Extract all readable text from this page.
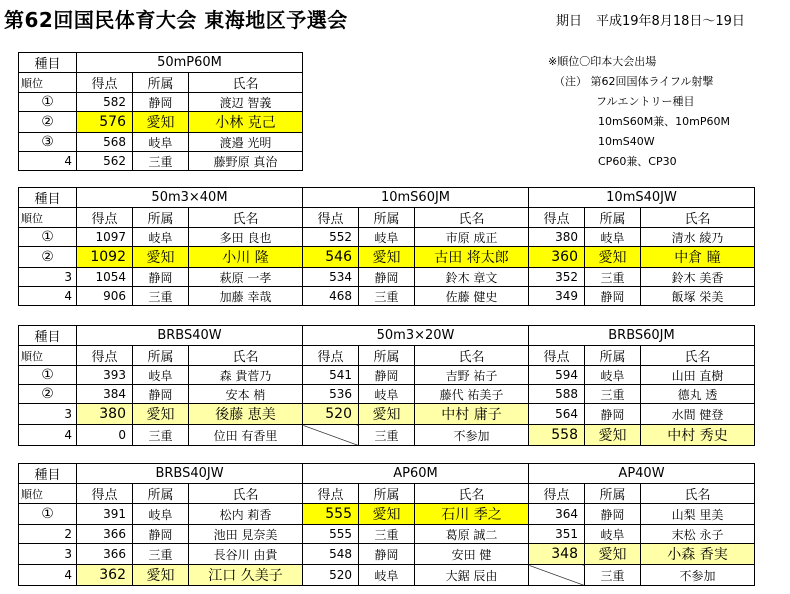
第62回国民体育大会 東海地区予選会	期日 平成19年8月18日～19日
※順位〇印本大会出場
（注） 第62回国体ライフル射撃
フルエントリー種目
10mS60M兼、10mP60M
10mS40W
CP60兼、CP30
種目	50mP60M		
順位	得点	所属	氏名
①	582	静岡	渡辺 智義
②	576	愛知	小林 克己
③	568	岐阜	渡邉 光明
4	562	三重	藤野原 真治
種目	50m3×40M			10mS60JM			10mS40JW		
順位	得点	所属	氏名	得点	所属	氏名	得点	所属	氏名
①	1097	岐阜	多田 良也	552	岐阜	市原 成正	380	岐阜	清水 綾乃
②	1092	愛知	小川 隆	546	愛知	古田 将太郎	360	愛知	中倉 瞳
3	1054	静岡	萩原 一孝	534	静岡	鈴木 章文	352	三重	鈴木 美香
4	906	三重	加藤 幸哉	468	三重	佐藤 健史	349	静岡	飯塚 栄美
種目	BRBS40W			50m3×20W			BRBS60JM		
順位	得点	所属	氏名	得点	所属	氏名	得点	所属	氏名
①	393	岐阜	森 貴菅乃	541	静岡	吉野 祐子	594	岐阜	山田 直樹
②	384	静岡	安本 梢	536	岐阜	藤代 祐美子	588	三重	德丸 透
3	380	愛知	後藤 恵美	520	愛知	中村 庸子	564	静岡	水間 健登
4	0	三重	位田 有香里		三重	不参加	558	愛知	中村 秀史
種目	BRBS40JW			AP60M			AP40W		
順位	得点	所属	氏名	得点	所属	氏名	得点	所属	氏名
①	391	岐阜	松内 莉香	555	愛知	石川 季之	364	静岡	山梨 里美
2	366	静岡	池田 見奈美	555	三重	葛原 誠二	351	岐阜	末松 永子
3	366	三重	長谷川 由貴	548	静岡	安田 健	348	愛知	小森 香実
4	362	愛知	江口 久美子	520	岐阜	大鋸 辰由		三重	不参加
